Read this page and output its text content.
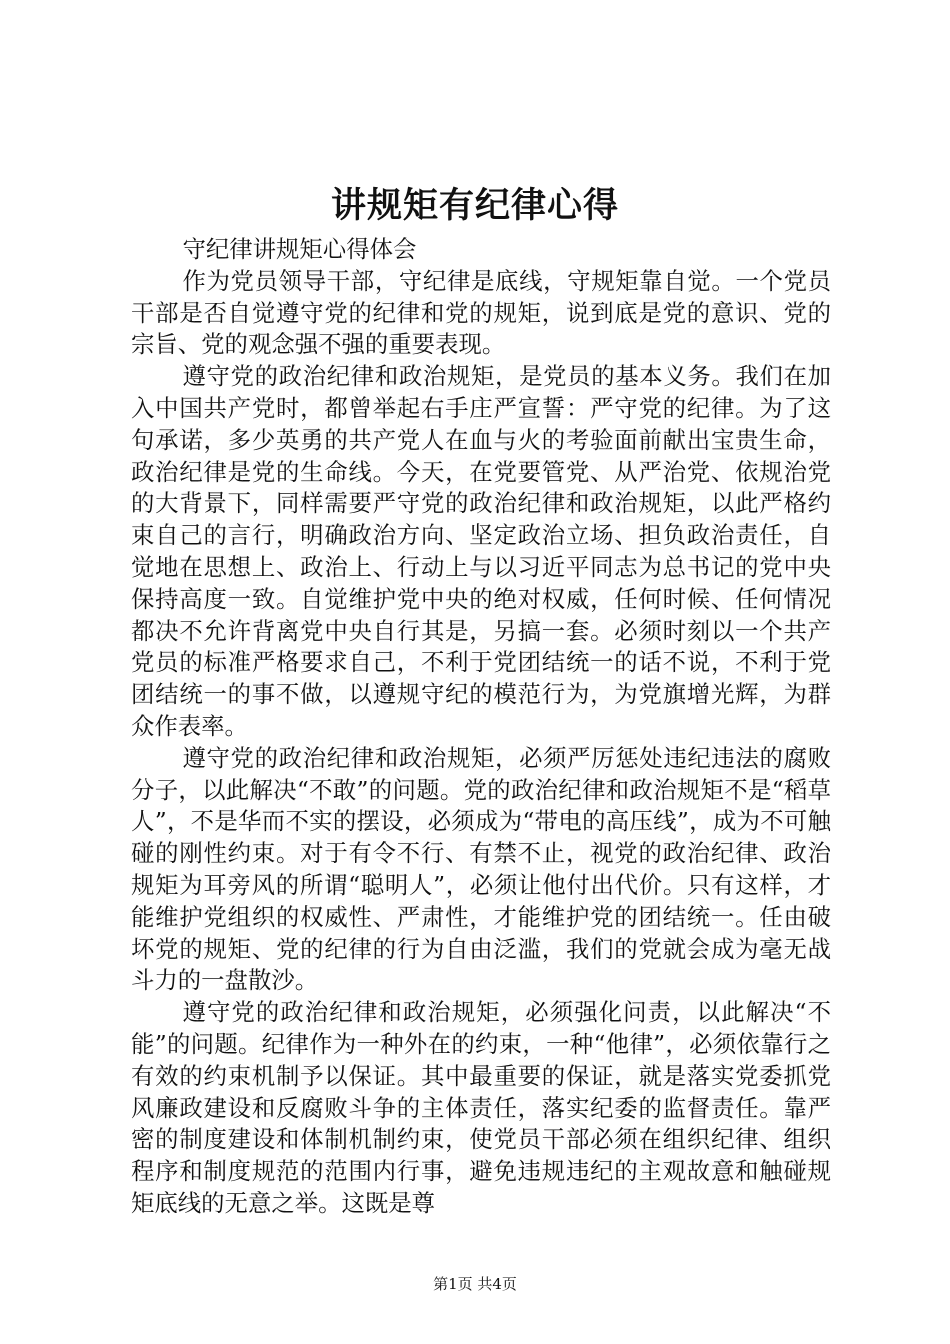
讲规矩有纪律心得

守纪律讲规矩心得体会

作为党员领导干部，守纪律是底线，守规矩靠自觉。一个党员干部是否自觉遵守党的纪律和党的规矩，说到底是党的意识、党的宗旨、党的观念强不强的重要表现。

遵守党的政治纪律和政治规矩，是党员的基本义务。我们在加入中国共产党时，都曾举起右手庄严宣誓：严守党的纪律。为了这句承诺，多少英勇的共产党人在血与火的考验面前献出宝贵生命，政治纪律是党的生命线。今天，在党要管党、从严治党、依规治党的大背景下，同样需要严守党的政治纪律和政治规矩，以此严格约束自己的言行，明确政治方向、坚定政治立场、担负政治责任，自觉地在思想上、政治上、行动上与以习近平同志为总书记的党中央保持高度一致。自觉维护党中央的绝对权威，任何时候、任何情况都决不允许背离党中央自行其是，另搞一套。必须时刻以一个共产党员的标准严格要求自己，不利于党团结统一的话不说，不利于党团结统一的事不做，以遵规守纪的模范行为，为党旗增光辉，为群众作表率。

遵守党的政治纪律和政治规矩，必须严厉惩处违纪违法的腐败分子，以此解决“不敢”的问题。党的政治纪律和政治规矩不是“稻草人”，不是华而不实的摆设，必须成为“带电的高压线”，成为不可触碰的刚性约束。对于有令不行、有禁不止，视党的政治纪律、政治规矩为耳旁风的所谓“聪明人”，必须让他付出代价。只有这样，才能维护党组织的权威性、严肃性，才能维护党的团结统一。任由破坏党的规矩、党的纪律的行为自由泛滥，我们的党就会成为毫无战斗力的一盘散沙。

遵守党的政治纪律和政治规矩，必须强化问责，以此解决“不能”的问题。纪律作为一种外在的约束，一种“他律”，必须依靠行之有效的约束机制予以保证。其中最重要的保证，就是落实党委抓党风廉政建设和反腐败斗争的主体责任，落实纪委的监督责任。靠严密的制度建设和体制机制约束，使党员干部必须在组织纪律、组织程序和制度规范的范围内行事，避免违规违纪的主观故意和触碰规矩底线的无意之举。这既是尊

第1页 共4页
